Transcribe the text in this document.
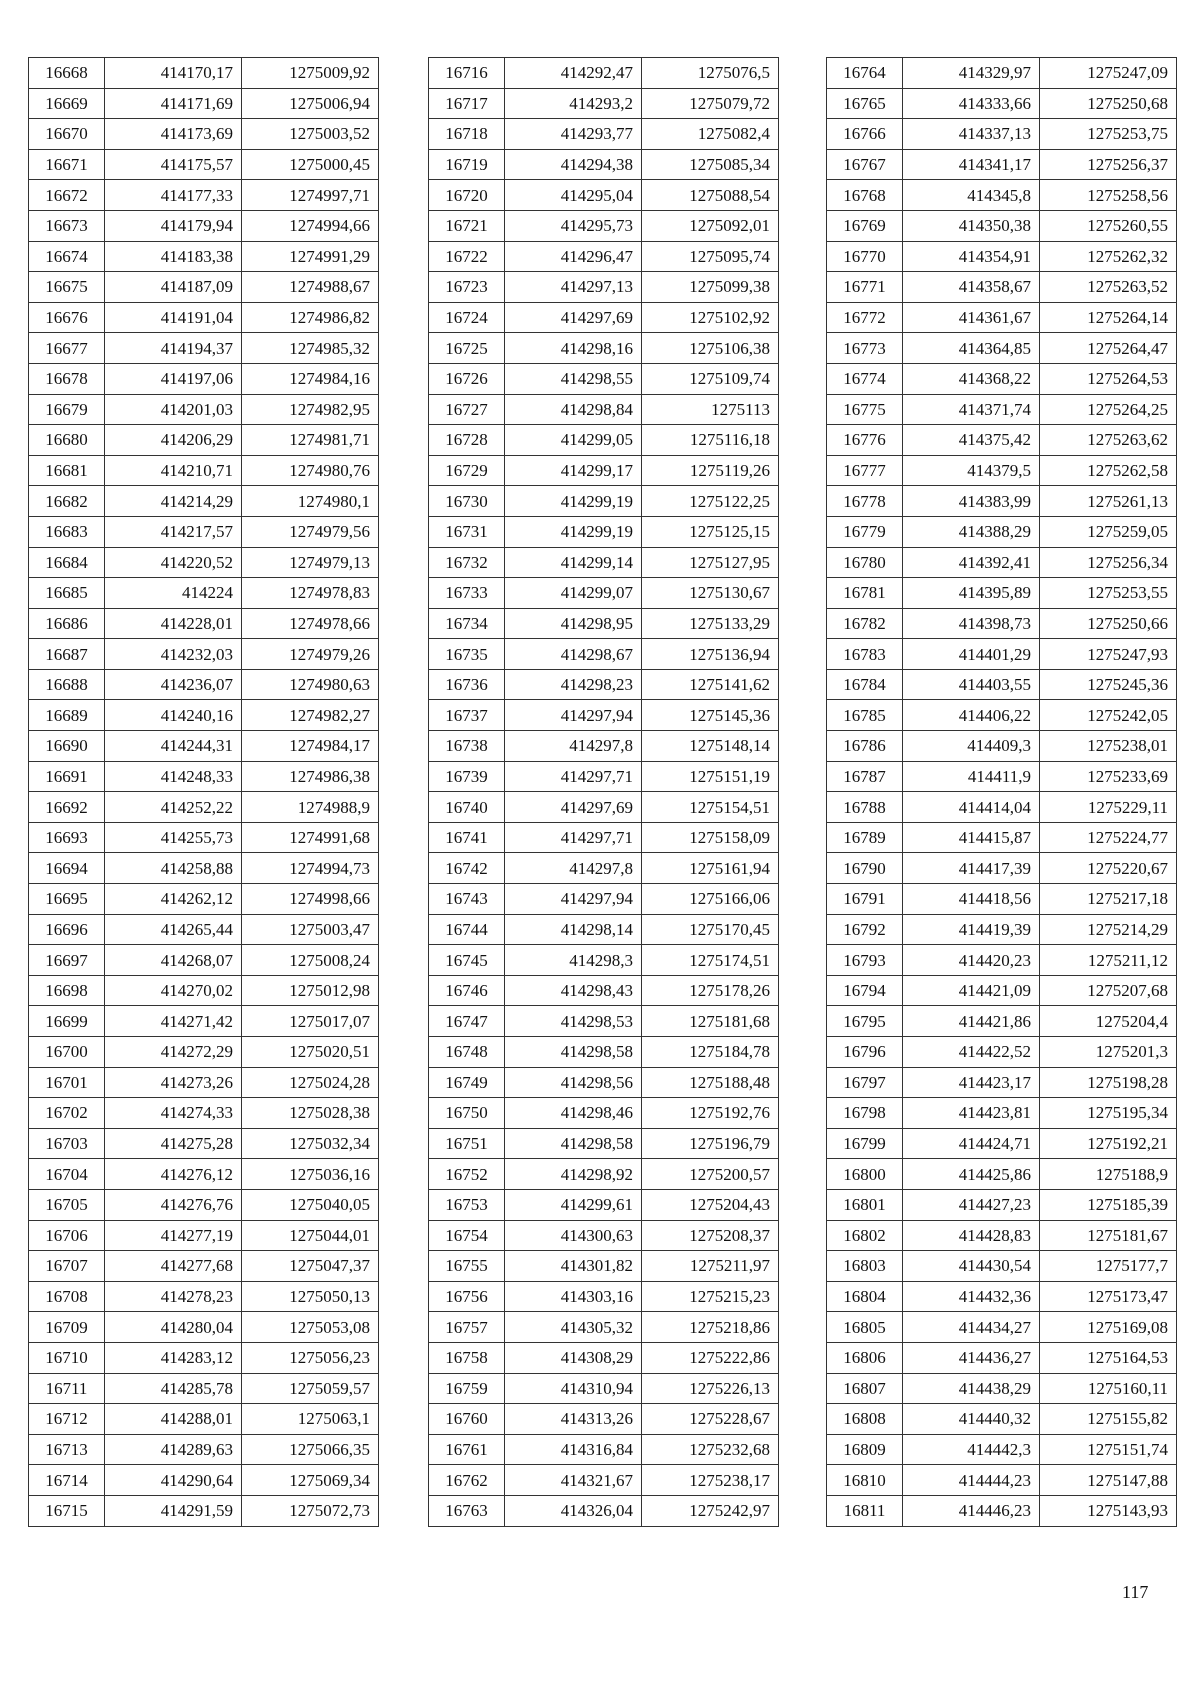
16668	414170,17	1275009,92
16669	414171,69	1275006,94
16670	414173,69	1275003,52
16671	414175,57	1275000,45
16672	414177,33	1274997,71
16673	414179,94	1274994,66
16674	414183,38	1274991,29
16675	414187,09	1274988,67
16676	414191,04	1274986,82
16677	414194,37	1274985,32
16678	414197,06	1274984,16
16679	414201,03	1274982,95
16680	414206,29	1274981,71
16681	414210,71	1274980,76
16682	414214,29	1274980,1
16683	414217,57	1274979,56
16684	414220,52	1274979,13
16685	414224	1274978,83
16686	414228,01	1274978,66
16687	414232,03	1274979,26
16688	414236,07	1274980,63
16689	414240,16	1274982,27
16690	414244,31	1274984,17
16691	414248,33	1274986,38
16692	414252,22	1274988,9
16693	414255,73	1274991,68
16694	414258,88	1274994,73
16695	414262,12	1274998,66
16696	414265,44	1275003,47
16697	414268,07	1275008,24
16698	414270,02	1275012,98
16699	414271,42	1275017,07
16700	414272,29	1275020,51
16701	414273,26	1275024,28
16702	414274,33	1275028,38
16703	414275,28	1275032,34
16704	414276,12	1275036,16
16705	414276,76	1275040,05
16706	414277,19	1275044,01
16707	414277,68	1275047,37
16708	414278,23	1275050,13
16709	414280,04	1275053,08
16710	414283,12	1275056,23
16711	414285,78	1275059,57
16712	414288,01	1275063,1
16713	414289,63	1275066,35
16714	414290,64	1275069,34
16715	414291,59	1275072,73
16716	414292,47	1275076,5
16717	414293,2	1275079,72
16718	414293,77	1275082,4
16719	414294,38	1275085,34
16720	414295,04	1275088,54
16721	414295,73	1275092,01
16722	414296,47	1275095,74
16723	414297,13	1275099,38
16724	414297,69	1275102,92
16725	414298,16	1275106,38
16726	414298,55	1275109,74
16727	414298,84	1275113
16728	414299,05	1275116,18
16729	414299,17	1275119,26
16730	414299,19	1275122,25
16731	414299,19	1275125,15
16732	414299,14	1275127,95
16733	414299,07	1275130,67
16734	414298,95	1275133,29
16735	414298,67	1275136,94
16736	414298,23	1275141,62
16737	414297,94	1275145,36
16738	414297,8	1275148,14
16739	414297,71	1275151,19
16740	414297,69	1275154,51
16741	414297,71	1275158,09
16742	414297,8	1275161,94
16743	414297,94	1275166,06
16744	414298,14	1275170,45
16745	414298,3	1275174,51
16746	414298,43	1275178,26
16747	414298,53	1275181,68
16748	414298,58	1275184,78
16749	414298,56	1275188,48
16750	414298,46	1275192,76
16751	414298,58	1275196,79
16752	414298,92	1275200,57
16753	414299,61	1275204,43
16754	414300,63	1275208,37
16755	414301,82	1275211,97
16756	414303,16	1275215,23
16757	414305,32	1275218,86
16758	414308,29	1275222,86
16759	414310,94	1275226,13
16760	414313,26	1275228,67
16761	414316,84	1275232,68
16762	414321,67	1275238,17
16763	414326,04	1275242,97
16764	414329,97	1275247,09
16765	414333,66	1275250,68
16766	414337,13	1275253,75
16767	414341,17	1275256,37
16768	414345,8	1275258,56
16769	414350,38	1275260,55
16770	414354,91	1275262,32
16771	414358,67	1275263,52
16772	414361,67	1275264,14
16773	414364,85	1275264,47
16774	414368,22	1275264,53
16775	414371,74	1275264,25
16776	414375,42	1275263,62
16777	414379,5	1275262,58
16778	414383,99	1275261,13
16779	414388,29	1275259,05
16780	414392,41	1275256,34
16781	414395,89	1275253,55
16782	414398,73	1275250,66
16783	414401,29	1275247,93
16784	414403,55	1275245,36
16785	414406,22	1275242,05
16786	414409,3	1275238,01
16787	414411,9	1275233,69
16788	414414,04	1275229,11
16789	414415,87	1275224,77
16790	414417,39	1275220,67
16791	414418,56	1275217,18
16792	414419,39	1275214,29
16793	414420,23	1275211,12
16794	414421,09	1275207,68
16795	414421,86	1275204,4
16796	414422,52	1275201,3
16797	414423,17	1275198,28
16798	414423,81	1275195,34
16799	414424,71	1275192,21
16800	414425,86	1275188,9
16801	414427,23	1275185,39
16802	414428,83	1275181,67
16803	414430,54	1275177,7
16804	414432,36	1275173,47
16805	414434,27	1275169,08
16806	414436,27	1275164,53
16807	414438,29	1275160,11
16808	414440,32	1275155,82
16809	414442,3	1275151,74
16810	414444,23	1275147,88
16811	414446,23	1275143,93
117
